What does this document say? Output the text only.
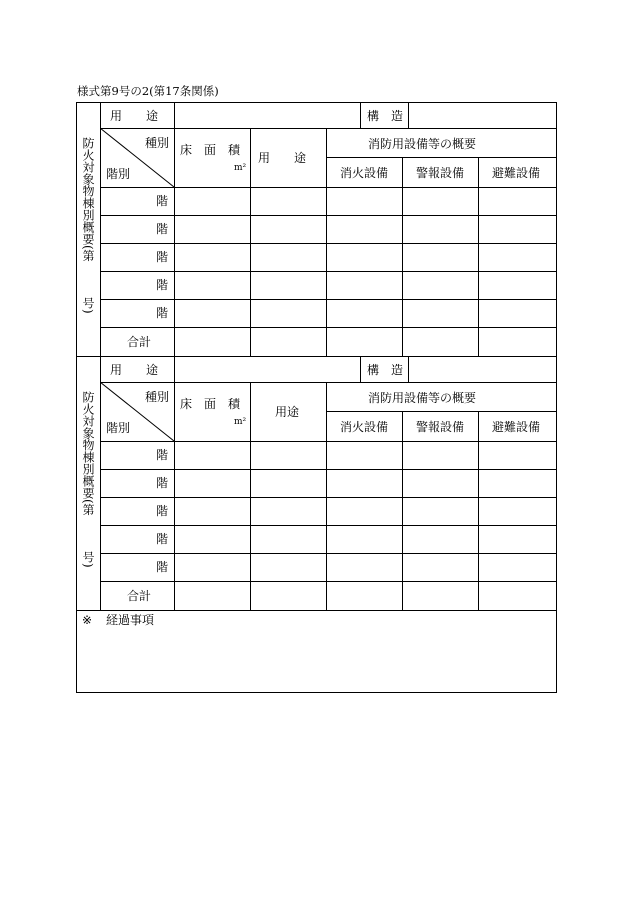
様式第9号の2(第17条関係)
防火対象物棟別概要(第
号)
用　　途	構　造
種別
階別
床　面　積
m²
用　　途
消防用設備等の概要
消火設備 警報設備 避難設備
階
階
階
階
階
合計
防火対象物棟別概要(第
号)
用　　途	構　造
種別
階別
床　面　積
m²
用途
消防用設備等の概要
消火設備 警報設備 避難設備
階
階
階
階
階
合計
※ 経過事項
